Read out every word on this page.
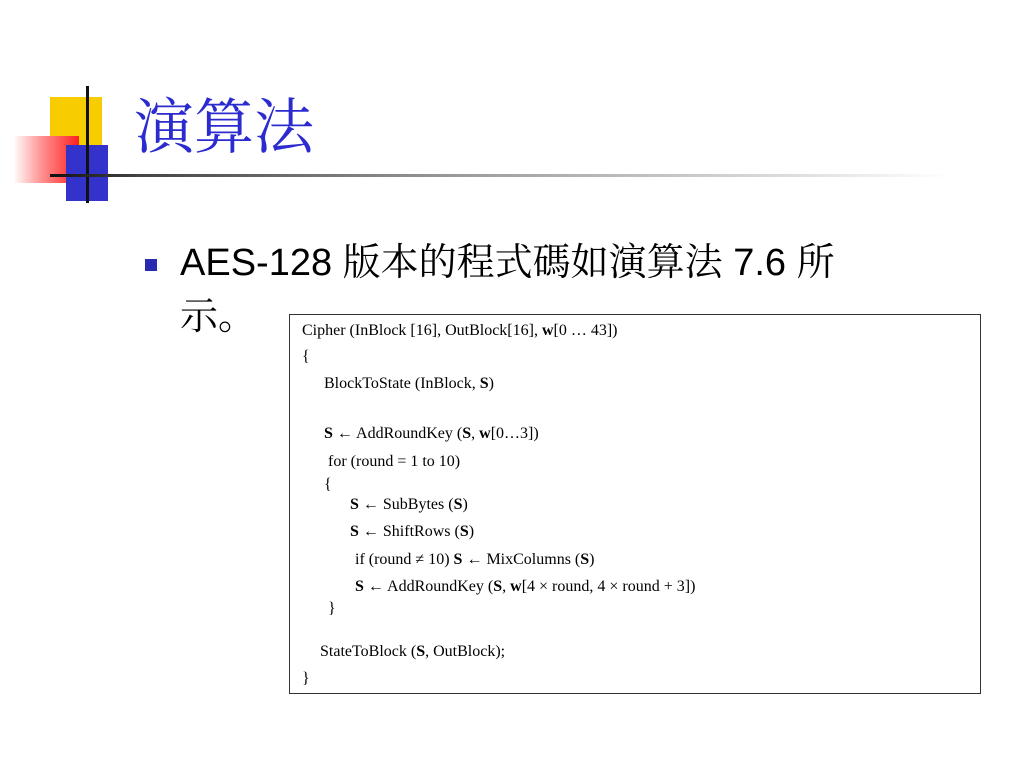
演算法
AES-128 版本的程式碼如演算法 7.6 所
示。	Cipher (InBlock [16], OutBlock[16], w[0 … 43])
{
BlockToState (InBlock, S)
S ← AddRoundKey (S, w[0…3])
for (round = 1 to 10)
{
S ← SubBytes (S)
S ← ShiftRows (S)
if (round ≠ 10) S ← MixColumns (S)
S ← AddRoundKey (S, w[4 × round, 4 × round + 3])
}
StateToBlock (S, OutBlock);
}
